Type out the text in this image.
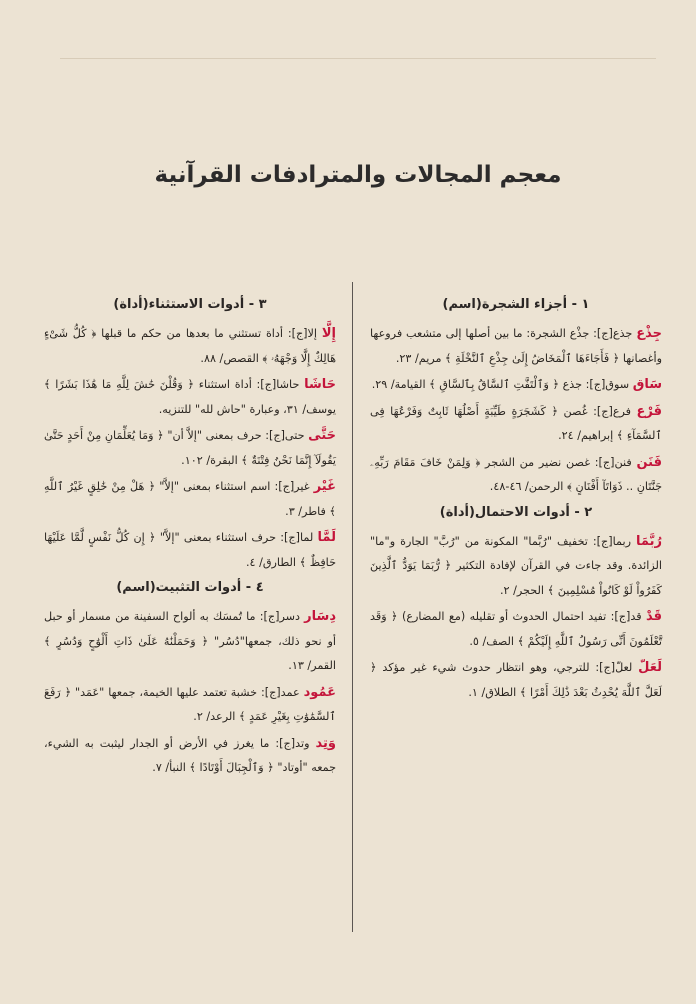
معجم المجالات والمترادفات القرآنية
١ - أجزاء الشجرة(اسم)

جِذْع جذع[ج]: جذْع الشجرة: ما بين أصلها إلى متشعب فروعها وأغصانها ﴿ فَأَجَاءَهَا ٱلْمَخَاضُ إِلَىٰ جِذْعِ ٱلنَّخْلَةِ ﴾ مريم/ ٢٣.

سَاق سوق[ج]: جذع ﴿ وَٱلْتَفَّتِ ٱلسَّاقُ بِٱلسَّاقِ ﴾ القيامة/ ٢٩.

فَرْع فرع[ج]: غُصن ﴿ كَشَجَرَةٍ طَيِّبَةٍ أَصْلُهَا ثَابِتٌ وَفَرْعُهَا فِى ٱلسَّمَآءِ ﴾ إبراهيم/ ٢٤.

فَنَن فنن[ج]: غصن نضير من الشجر ﴿ وَلِمَنْ خَافَ مَقَامَ رَبِّهِۦ جَنَّتَانِ .. ذَوَاتَآ أَفْنَانٍ ﴾ الرحمن/ ٤٦-٤٨.

٢ - أدوات الاحتمال(أداة)

رُبَّمَا ربما[ج]: تخفيف "رُبَّما" المكونة من "رُبَّ" الجارة و"ما" الزائدة. وقد جاءت في القرآن لإفادة التكثير ﴿ رُّبَمَا يَوَدُّ ٱلَّذِينَ كَفَرُواْ لَوْ كَانُواْ مُسْلِمِينَ ﴾ الحجر/ ٢.

قَدْ قد[ج]: تفيد احتمال الحدوث أو تقليله (مع المضارع) ﴿ وَقَد تَّعْلَمُونَ أَنِّى رَسُولُ ٱللَّهِ إِلَيْكُمْ ﴾ الصف/ ٥.

لَعَلّ لعلّ[ج]: للترجي، وهو انتظار حدوث شيء غير مؤكد ﴿ لَعَلَّ ٱللَّهَ يُحْدِثُ بَعْدَ ذَٰلِكَ أَمْرًا ﴾ الطلاق/ ١.

٣ - أدوات الاستثناء(أداة)

إِلَّا إلا[ج]: أداة تستثني ما بعدها من حكم ما قبلها ﴿ كُلُّ شَىْءٍ هَالِكٌ إِلَّا وَجْهَهُۥ ﴾ القصص/ ٨٨.

حَاشَا حاشا[ج]: أداة استثناء ﴿ وَقُلْنَ حَٰشَ لِلَّهِ مَا هَٰذَا بَشَرًا ﴾ يوسف/ ٣١، وعبارة "حاش لله" للتنزيه.

حَتَّى حتى[ج]: حرف بمعنى "إلاَّ أن" ﴿ وَمَا يُعَلِّمَانِ مِنْ أَحَدٍ حَتَّىٰ يَقُولَآ إِنَّمَا نَحْنُ فِتْنَةٌ ﴾ البقرة/ ١٠٢.

غَيْر غير[ج]: اسم استثناء بمعنى "إلاَّ" ﴿ هَلْ مِنْ خَٰلِقٍ غَيْرُ ٱللَّهِ ﴾ فاطر/ ٣.

لَمَّا لما[ج]: حرف استثناء بمعنى "إلاَّ" ﴿ إِن كُلُّ نَفْسٍ لَّمَّا عَلَيْهَا حَافِظٌ ﴾ الطارق/ ٤.

٤ - أدوات التثبيت(اسم)

دِسَار دسر[ج]: ما تُمسَك به ألواح السفينة من مسمار أو حبل أو نحو ذلك، جمعها"دُسُر" ﴿ وَحَمَلْنَٰهُ عَلَىٰ ذَاتِ أَلْوَٰحٍ وَدُسُرٍ ﴾ القمر/ ١٣.

عَمُود عمد[ج]: خشبة تعتمد عليها الخيمة، جمعها "عَمَد" ﴿ رَفَعَ ٱلسَّمَٰوَٰتِ بِغَيْرِ عَمَدٍ ﴾ الرعد/ ٢.

وَتِد وتد[ج]: ما يغرز في الأرض أو الجدار ليثبت به الشيء، جمعه "أوتاد" ﴿ وَٱلْجِبَالَ أَوْتَادًا ﴾ النبأ/ ٧.
